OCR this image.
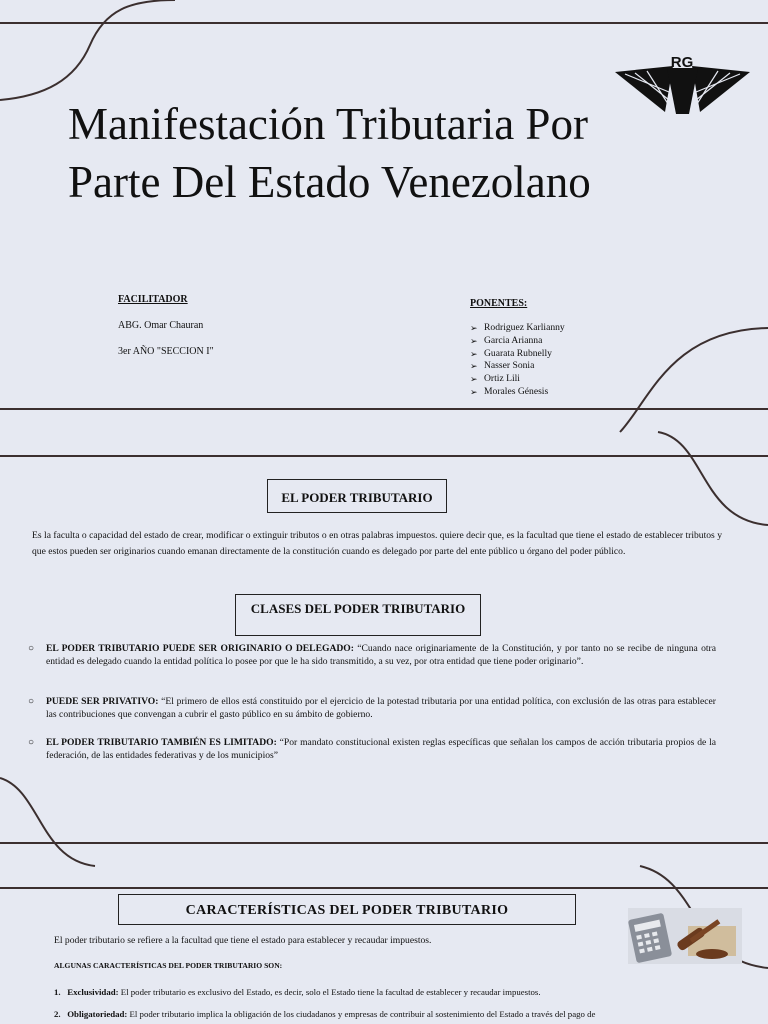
RG
Manifestación Tributaria Por
Parte Del Estado Venezolano
FACILITADOR
ABG. Omar Chauran
3er AÑO "SECCION I"
PONENTES:
➢ Rodriguez Karlianny
➢ Garcia Arianna
➢ Guarata Rubnelly
➢ Nasser Sonia
➢ Ortiz Lili
➢ Morales Génesis
EL PODER TRIBUTARIO
Es la faculta o capacidad del estado de crear, modificar o extinguir tributos o en otras palabras impuestos. quiere decir que, es la facultad que tiene el estado de establecer tributos y que estos pueden ser originarios cuando emanan directamente de la constitución cuando es delegado por parte del ente público u órgano del poder público.
CLASES DEL PODER TRIBUTARIO
○ EL PODER TRIBUTARIO PUEDE SER ORIGINARIO O DELEGADO: “Cuando nace originariamente de la Constitución, y por tanto no se recibe de ninguna otra entidad es delegado cuando la entidad política lo posee por que le ha sido transmitido, a su vez, por otra entidad que tiene poder originario”.
○ PUEDE SER PRIVATIVO: “El primero de ellos está constituido por el ejercicio de la potestad tributaria por una entidad política, con exclusión de las otras para establecer las contribuciones que convengan a cubrir el gasto público en su ámbito de gobierno.
○ EL PODER TRIBUTARIO TAMBIÉN ES LIMITADO: “Por mandato constitucional existen reglas específicas que señalan los campos de acción tributaria propios de la federación, de las entidades federativas y de los municipios”
CARACTERÍSTICAS DEL PODER TRIBUTARIO
El poder tributario se refiere a la facultad que tiene el estado para establecer y recaudar impuestos.
ALGUNAS CARACTERÍSTICAS DEL PODER TRIBUTARIO SON:
1. Exclusividad: El poder tributario es exclusivo del Estado, es decir, solo el Estado tiene la facultad de establecer y recaudar impuestos.
2. Obligatoriedad: El poder tributario implica la obligación de los ciudadanos y empresas de contribuir al sostenimiento del Estado a través del pago de
